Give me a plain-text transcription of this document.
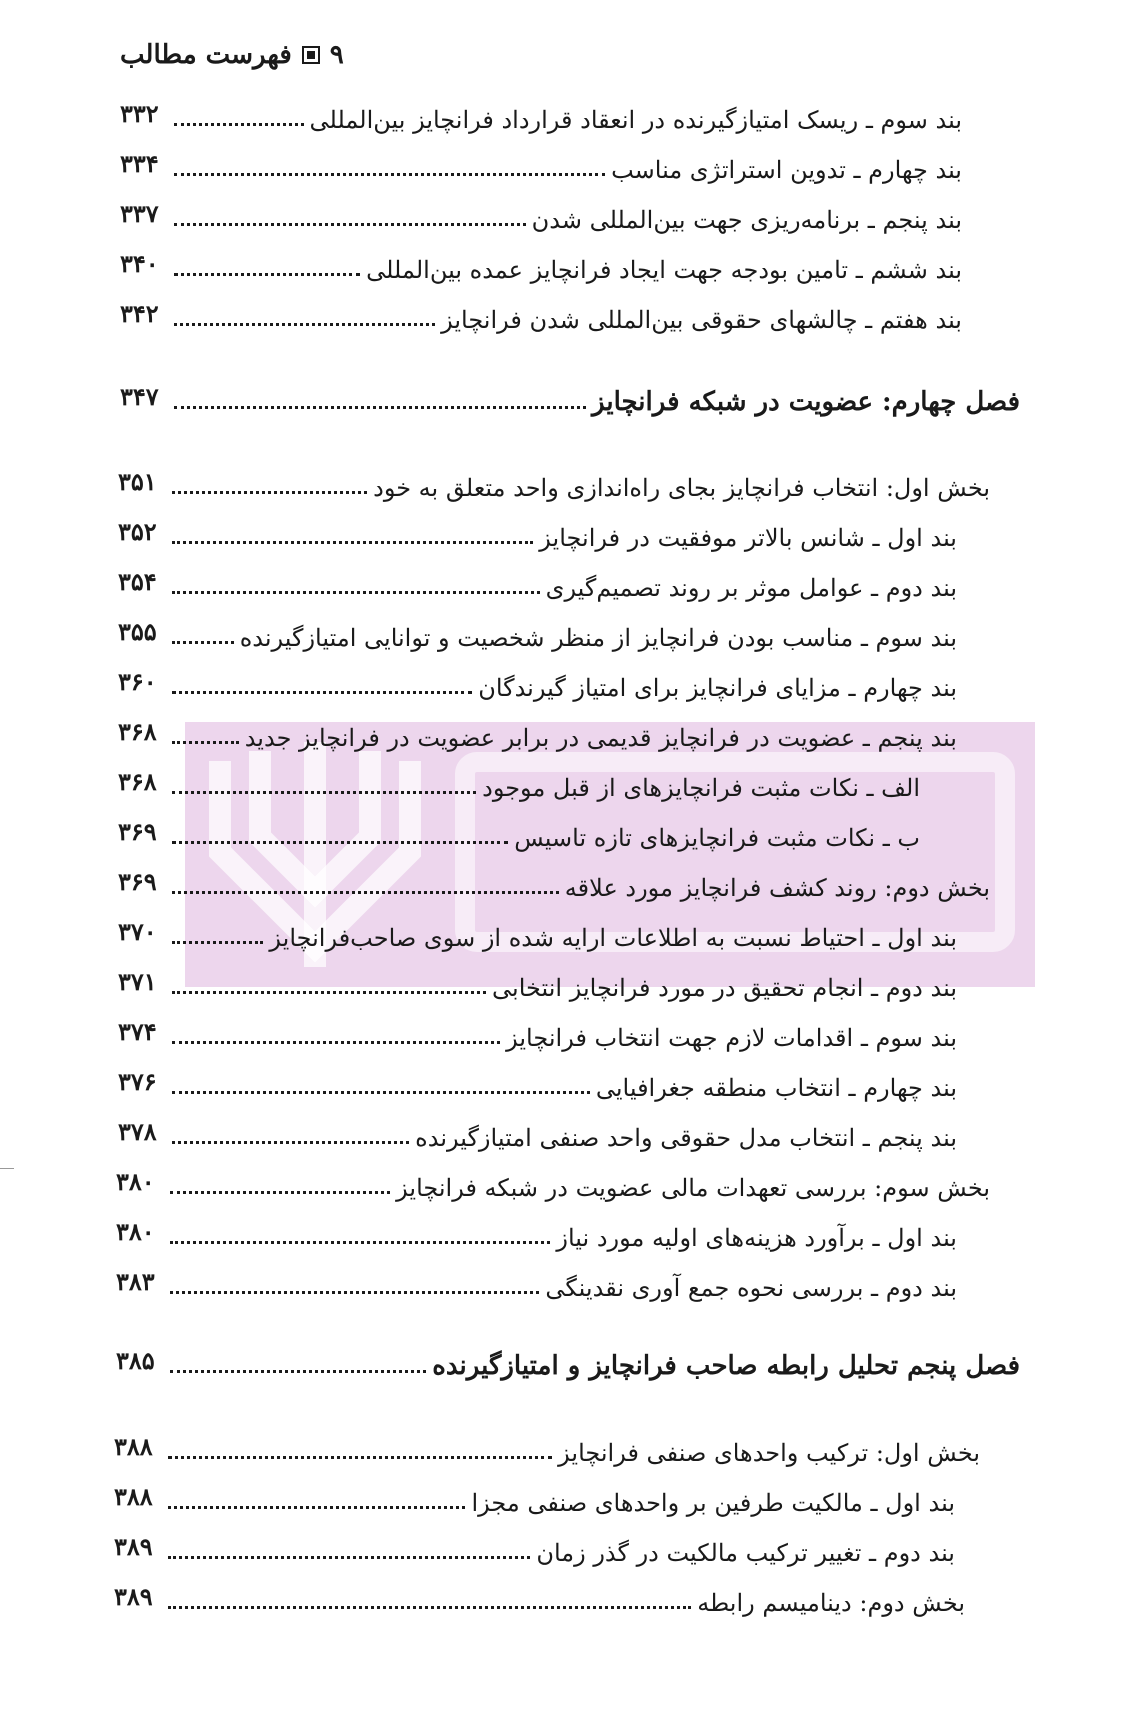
۹
فهرست مطالب
۳۳۲	بند سوم ـ ریسک امتیازگیرنده در انعقاد قرارداد فرانچایز بین‌المللی
۳۳۴	بند چهارم ـ تدوین استراتژی مناسب
۳۳۷	بند پنجم ـ برنامه‌ریزی جهت بین‌المللی شدن
۳۴۰	بند ششم ـ تامین بودجه جهت ایجاد فرانچایز عمده بین‌المللی
۳۴۲	بند هفتم ـ چالشهای حقوقی بین‌المللی شدن فرانچایز
۳۴۷	فصل چهارم: عضویت در شبکه فرانچایز
۳۵۱	بخش اول: انتخاب فرانچایز بجای راه‌اندازی واحد متعلق به خود
۳۵۲	بند اول ـ شانس بالاتر موفقیت در فرانچایز
۳۵۴	بند دوم ـ عوامل موثر بر روند تصمیم‌گیری
۳۵۵	بند سوم ـ مناسب بودن فرانچایز از منظر شخصیت و توانایی امتیازگیرنده
۳۶۰	بند چهارم ـ مزایای فرانچایز برای امتیاز گیرندگان
۳۶۸	بند پنجم ـ عضویت در فرانچایز قدیمی در برابر عضویت در فرانچایز جدید
۳۶۸	الف ـ نکات مثبت فرانچایزهای از قبل موجود
۳۶۹	ب ـ نکات مثبت فرانچایزهای تازه تاسیس
۳۶۹	بخش دوم: روند کشف فرانچایز مورد علاقه
۳۷۰	بند اول ـ احتیاط نسبت به اطلاعات ارایه شده از سوی صاحب‌فرانچایز
۳۷۱	بند دوم ـ انجام تحقیق در مورد فرانچایز انتخابی
۳۷۴	بند سوم ـ اقدامات لازم جهت انتخاب فرانچایز
۳۷۶	بند چهارم ـ انتخاب منطقه جغرافیایی
۳۷۸	بند پنجم ـ انتخاب مدل حقوقی واحد صنفی امتیازگیرنده
۳۸۰	بخش سوم: بررسی تعهدات مالی عضویت در شبکه فرانچایز
۳۸۰	بند اول ـ برآورد هزینه‌های اولیه مورد نیاز
۳۸۳	بند دوم ـ بررسی نحوه جمع آوری نقدینگی
۳۸۵	فصل پنجم تحلیل رابطه صاحب فرانچایز و امتیازگیرنده
۳۸۸	بخش اول: ترکیب واحدهای صنفی فرانچایز
۳۸۸	بند اول ـ مالکیت طرفین بر واحدهای صنفی مجزا
۳۸۹	بند دوم ـ تغییر ترکیب مالکیت در گذر زمان
۳۸۹	بخش دوم: دینامیسم رابطه
